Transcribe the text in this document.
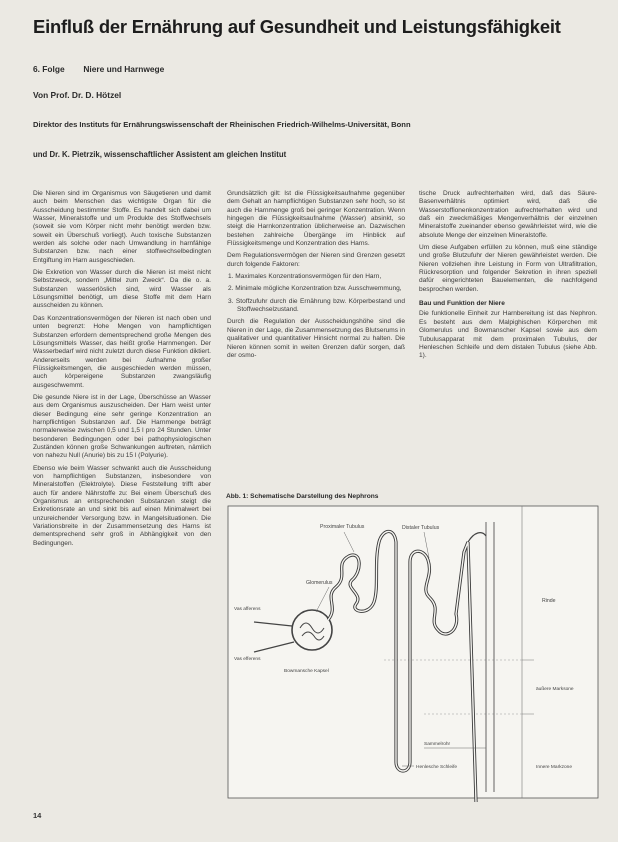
Einfluß der Ernährung auf Gesundheit und Leistungsfähigkeit
6. Folge Niere und Harnwege
Von Prof. Dr. D. Hötzel
Direktor des Instituts für Ernährungswissenschaft der Rheinischen Friedrich-Wilhelms-Universität, Bonn
und Dr. K. Pietrzik, wissenschaftlicher Assistent am gleichen Institut

Die Nieren sind im Organismus von Säugetieren und damit auch beim Menschen das wichtigste Organ für die Ausscheidung bestimmter Stoffe. Es handelt sich dabei um Wasser, Mineralstoffe und um Produkte des Stoffwechsels (soweit sie vom Körper nicht mehr benötigt werden bzw. soweit ein Überschuß vorliegt). Auch toxische Substanzen werden als solche oder nach Umwandlung in harnfähige Substanzen bzw. nach einer stoffwechselbedingten Entgiftung im Harn ausgeschieden.

Die Exkretion von Wasser durch die Nieren ist meist nicht Selbstzweck, sondern „Mittel zum Zweck“. Da die o. a. Substanzen wasserlöslich sind, wird Wasser als Lösungsmittel benötigt, um diese Stoffe mit dem Harn ausscheiden zu können.

Das Konzentrationsvermögen der Nieren ist nach oben und unten begrenzt: Hohe Mengen von harnpflichtigen Substanzen erfordern dementsprechend große Mengen des Lösungsmittels Wasser, das heißt große Harnmengen. Der Wasserbedarf wird nicht zuletzt durch diese Funktion diktiert. Andererseits werden bei Aufnahme großer Flüssigkeitsmengen, die ausgeschieden werden müssen, auch körpereigene Substanzen zwangsläufig ausgeschwemmt.

Die gesunde Niere ist in der Lage, Überschüsse an Wasser aus dem Organismus auszuscheiden. Der Harn weist unter dieser Bedingung eine sehr geringe Konzentration an harnpflichtigen Substanzen auf. Die Harnmenge beträgt normalerweise zwischen 0,5 und 1,5 l pro 24 Stunden. Unter besonderen Bedingungen oder bei pathophysiologischen Zuständen können große Schwankungen auftreten, nämlich von nahezu Null (Anurie) bis zu 15 l (Polyurie).

Ebenso wie beim Wasser schwankt auch die Ausscheidung von harnpflichtigen Substanzen, insbesondere von Mineralstoffen (Elektrolyte). Diese Feststellung trifft aber auch für andere Nährstoffe zu: Bei einem Überschuß des Organismus an entsprechenden Substanzen steigt die Exkretionsrate an und sinkt bis auf einen Minimalwert bei unzureichender Versorgung bzw. in Mangelsituationen. Die Variationsbreite in der Zusammensetzung des Harns ist dementsprechend sehr groß in Abhängigkeit von den Bedingungen.

Grundsätzlich gilt: Ist die Flüssigkeitsaufnahme gegenüber dem Gehalt an harnpflichtigen Substanzen sehr hoch, so ist auch die Harnmenge groß bei geringer Konzentration. Wenn hingegen die Flüssigkeitsaufnahme (Wasser) absinkt, so steigt die Harnkonzentration üblicherweise an. Dazwischen bestehen zahlreiche Übergänge im Hinblick auf Flüssigkeitsmenge und Konzentration des Harns.

Dem Regulationsvermögen der Nieren sind Grenzen gesetzt durch folgende Faktoren:

1. Maximales Konzentrationsvermögen für den Harn,
2. Minimale mögliche Konzentration bzw. Ausschwemmung,
3. Stoffzufuhr durch die Ernährung bzw. Körperbestand und Stoffwechselzustand.

Durch die Regulation der Ausscheidungshöhe sind die Nieren in der Lage, die Zusammensetzung des Blutserums in qualitativer und quantitativer Hinsicht normal zu halten. Die Nieren können somit in weiten Grenzen dafür sorgen, daß der osmo-

tische Druck aufrechterhalten wird, daß das Säure-Basenverhältnis optimiert wird, daß die Wasserstoffionenkonzentration aufrechterhalten wird und daß ein zweckmäßiges Mengenverhältnis der einzelnen Mineralstoffe zueinander ebenso gewährleistet wird, wie die absolute Menge der einzelnen Mineralstoffe.

Um diese Aufgaben erfüllen zu können, muß eine ständige und große Blutzufuhr der Nieren gewährleistet werden. Die Nieren vollziehen ihre Leistung in Form von Ultrafiltration, Rückresorption und folgender Sekretion in ihren speziell dafür eingerichteten Bauelementen, die nachfolgend besprochen werden.

Bau und Funktion der Niere

Die funktionelle Einheit zur Harnbereitung ist das Nephron. Es besteht aus dem Malpighischen Körperchen mit Glomerulus und Bowmanscher Kapsel sowie aus dem Tubulusapparat mit dem proximalen Tubulus, der Henleschen Schleife und dem distalen Tubulus (siehe Abb. 1).

Abb. 1: Schematische Darstellung des Nephrons
Proximaler Tubulus	Distaler Tubulus
Glomerulus
Vas afferens
Vas efferens
Bowmansche Kapsel
Rinde
äußere Marksone
Sammelrohr
Innere Markzone
Henlesche Schleife
14
